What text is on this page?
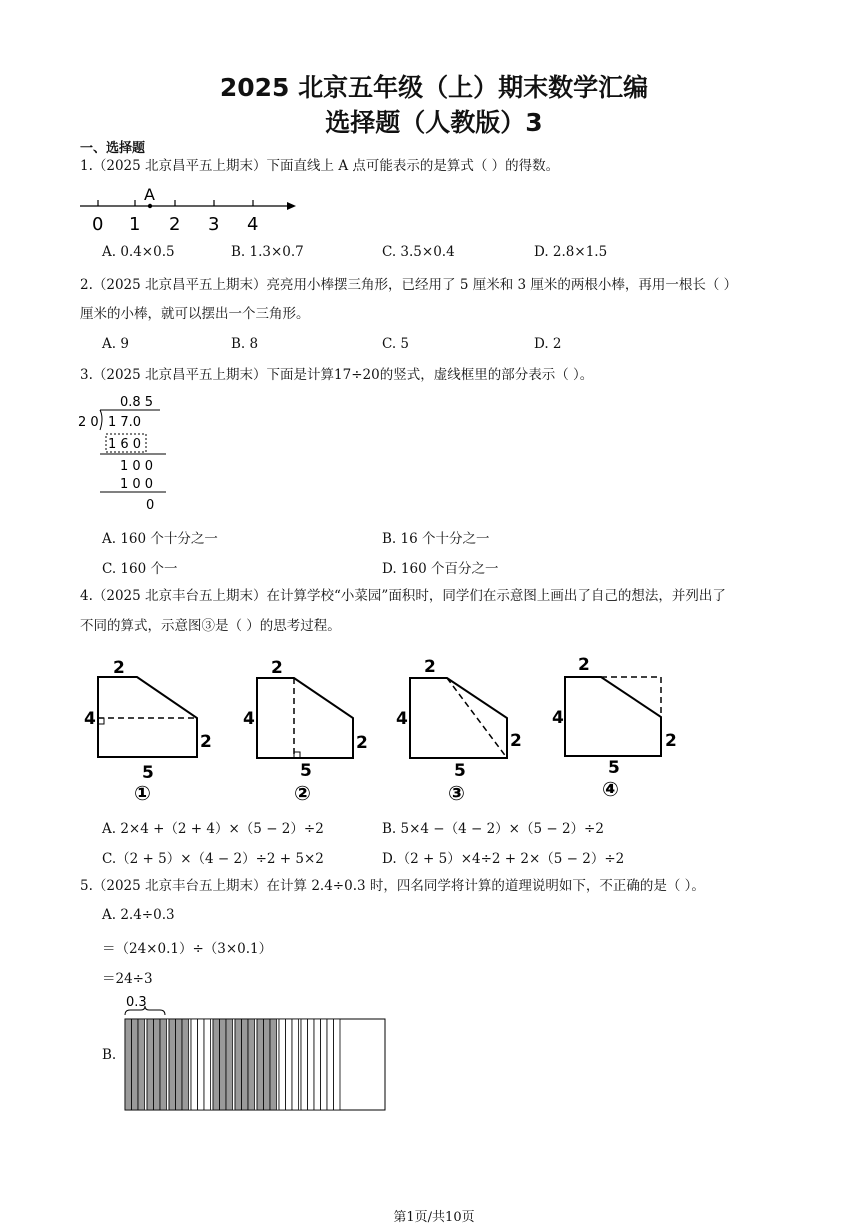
2025 北京五年级（上）期末数学汇编
选择题（人教版）3
一、选择题
1.（2025 北京昌平五上期末）下面直线上 A 点可能表示的是算式（ ）的得数。
A
0 1 2 3 4
A. 0.4×0.5	B. 1.3×0.7	C. 3.5×0.4	D. 2.8×1.5
2.（2025 北京昌平五上期末）亮亮用小棒摆三角形，已经用了 5 厘米和 3 厘米的两根小棒，再用一根长（ ）
厘米的小棒，就可以摆出一个三角形。
A. 9	B. 8	C. 5	D. 2
3.（2025 北京昌平五上期末）下面是计算17÷20的竖式，虚线框里的部分表示（ ）。
0.8 5
2 0 1 7.0
1 6 0
1 0 0
1 0 0
0
A. 160 个十分之一	B. 16 个十分之一
C. 160 个一	D. 160 个百分之一
4.（2025 北京丰台五上期末）在计算学校“小菜园”面积时，同学们在示意图上画出了自己的想法，并列出了
不同的算式，示意图③是（ ）的思考过程。
2
4
2
5
①
2
4
2
5
②
2
4
2
5
③
2
4
2
5
④
A. 2×4 +（2 + 4）×（5 − 2）÷2	B. 5×4 −（4 − 2）×（5 − 2）÷2
C.（2 + 5）×（4 − 2）÷2 + 5×2	D.（2 + 5）×4÷2 + 2×（5 − 2）÷2
5.（2025 北京丰台五上期末）在计算 2.4÷0.3 时，四名同学将计算的道理说明如下，不正确的是（ ）。
A. 2.4÷0.3
＝（24×0.1）÷（3×0.1）
＝24÷3
B.
0.3
第1页/共10页
